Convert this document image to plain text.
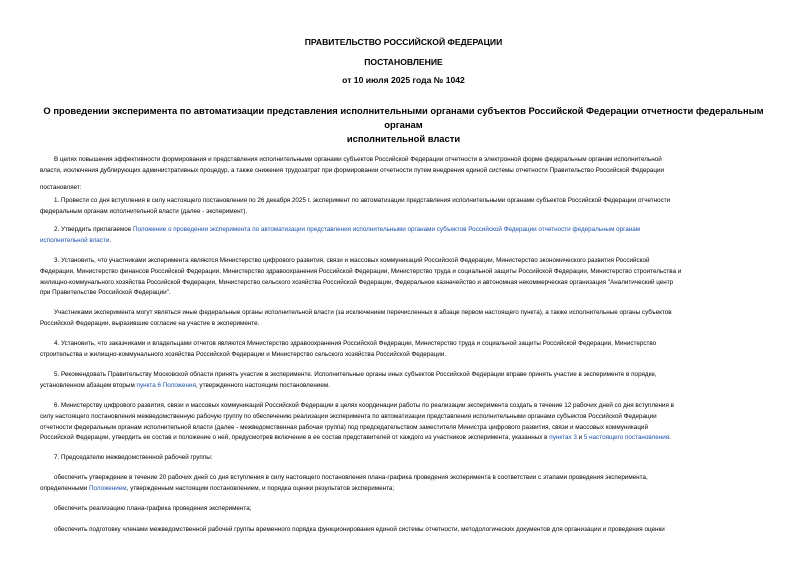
ПРАВИТЕЛЬСТВО РОССИЙСКОЙ ФЕДЕРАЦИИ
ПОСТАНОВЛЕНИЕ
от 10 июля 2025 года № 1042
О проведении эксперимента по автоматизации представления исполнительными органами субъектов Российской Федерации отчетности федеральным органам
исполнительной власти
В целях повышения эффективности формирования и представления исполнительными органами субъектов Российской Федерации отчетности в электронной форме федеральным органам исполнительной
власти, исключения дублирующих административных процедур, а также снижения трудозатрат при формировании отчетности путем внедрения единой системы отчетности Правительство Российской Федерации
постановляет:
1. Провести со дня вступления в силу настоящего постановления по 26 декабря 2025 г. эксперимент по автоматизации представления исполнительными органами субъектов Российской Федерации отчетности
федеральным органам исполнительной власти (далее - эксперимент).
2. Утвердить прилагаемое Положение о проведении эксперимента по автоматизации представления исполнительными органами субъектов Российской Федерации отчетности федеральным органам
исполнительной власти.
3. Установить, что участниками эксперимента являются Министерство цифрового развития, связи и массовых коммуникаций Российской Федерации, Министерство экономического развития Российской
Федерации, Министерство финансов Российской Федерации, Министерство здравоохранения Российской Федерации, Министерство труда и социальной защиты Российской Федерации, Министерство строительства и
жилищно-коммунального хозяйства Российской Федерации, Министерство сельского хозяйства Российской Федерации, Федеральное казначейство и автономная некоммерческая организация "Аналитический центр
при Правительстве Российской Федерации".
Участниками эксперимента могут являться иные федеральные органы исполнительной власти (за исключением перечисленных в абзаце первом настоящего пункта), а также исполнительные органы субъектов
Российской Федерации, выразившие согласие на участие в эксперименте.
4. Установить, что заказчиками и владельцами отчетов являются Министерство здравоохранения Российской Федерации, Министерство труда и социальной защиты Российской Федерации, Министерство
строительства и жилищно-коммунального хозяйства Российской Федерации и Министерство сельского хозяйства Российской Федерации.
5. Рекомендовать Правительству Московской области принять участие в эксперименте. Исполнительные органы иных субъектов Российской Федерации вправе принять участие в эксперименте в порядке,
установленном абзацем вторым пункта 6 Положения, утвержденного настоящим постановлением.
6. Министерству цифрового развития, связи и массовых коммуникаций Российской Федерации в целях координации работы по реализации эксперимента создать в течение 12 рабочих дней со дня вступления в
силу настоящего постановления межведомственную рабочую группу по обеспечению реализации эксперимента по автоматизации представления исполнительными органами субъектов Российской Федерации
отчетности федеральным органам исполнительной власти (далее - межведомственная рабочая группа) под председательством заместителя Министра цифрового развития, связи и массовых коммуникаций
Российской Федерации, утвердить ее состав и положение о ней, предусмотрев включение в ее состав представителей от каждого из участников эксперимента, указанных в пунктах 3 и 5 настоящего постановления.
7. Председателю межведомственной рабочей группы:
обеспечить утверждение в течение 20 рабочих дней со дня вступления в силу настоящего постановления плана-графика проведения эксперимента в соответствии с этапами проведения эксперимента,
определенными Положением, утвержденным настоящим постановлением, и порядка оценки результатов эксперимента;
обеспечить реализацию плана-графика проведения эксперимента;
обеспечить подготовку членами межведомственной рабочей группы временного порядка функционирования единой системы отчетности, методологических документов для организации и проведения оценки
